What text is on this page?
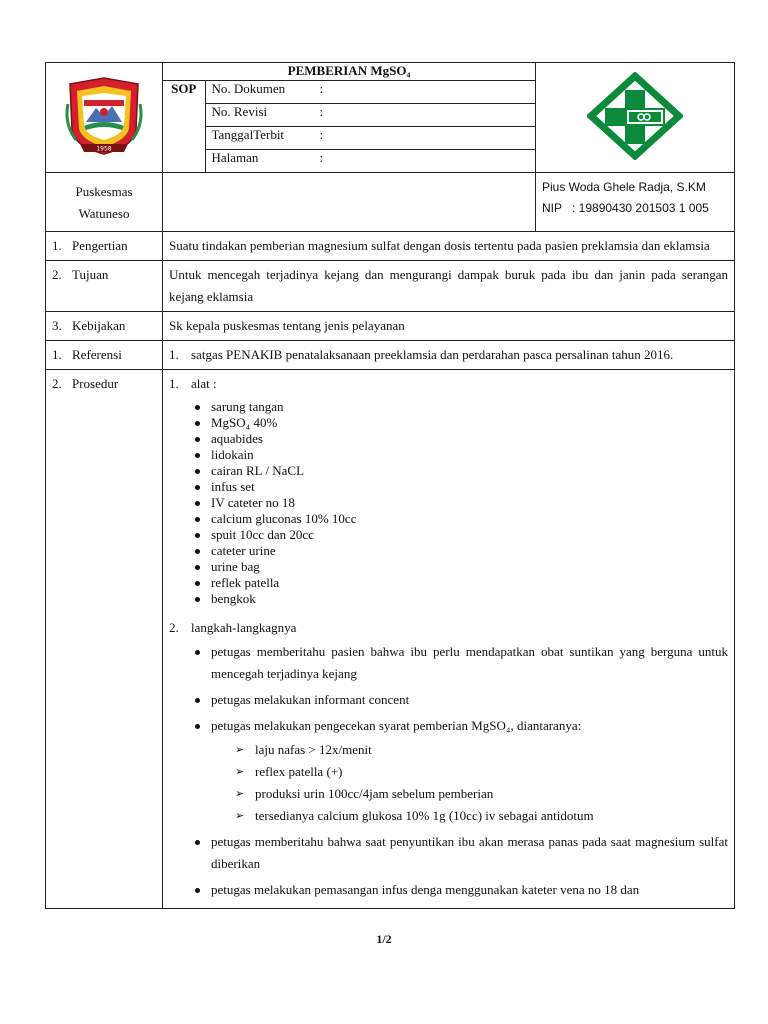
1958

PEMBERIAN MgSO₄
SOP	No. Dokumen	:
No. Revisi	:
TanggalTerbit	:
Halaman	:

Puskesmas
Watuneso		
Pius Woda Ghele Radja, S.KM
NIP : 19890430 201503 1 005

1. Pengertian	Suatu tindakan pemberian magnesium sulfat dengan dosis tertentu pada pasien preklamsia dan eklamsia
2. Tujuan	Untuk mencegah terjadinya kejang dan mengurangi dampak buruk pada ibu dan janin pada serangan kejang eklamsia
3. Kebijakan	Sk kepala puskesmas tentang jenis pelayanan
1. Referensi	1. satgas PENAKIB penatalaksanaan preeklamsia dan perdarahan pasca persalinan tahun 2016.

2. Prosedur	1. alat :
sarung tangan
MgSO₄ 40%
aquabides
lidokain
cairan RL / NaCL
infus set
IV cateter no 18
calcium gluconas 10% 10cc
spuit 10cc dan 20cc
cateter urine
urine bag
reflek patella
bengkok
2. langkah-langkagnya
petugas memberitahu pasien bahwa ibu perlu mendapatkan obat suntikan yang berguna untuk mencegah terjadinya kejang
petugas melakukan informant concent
petugas melakukan pengecekan syarat pemberian MgSO₄, diantaranya:
➢ laju nafas > 12x/menit
➢ reflex patella (+)
➢ produksi urin 100cc/4jam sebelum pemberian
➢ tersedianya calcium glukosa 10% 1g (10cc) iv sebagai antidotum
petugas memberitahu bahwa saat penyuntikan ibu akan merasa panas pada saat magnesium sulfat diberikan
petugas melakukan pemasangan infus denga menggunakan kateter vena no 18 dan
1/2
